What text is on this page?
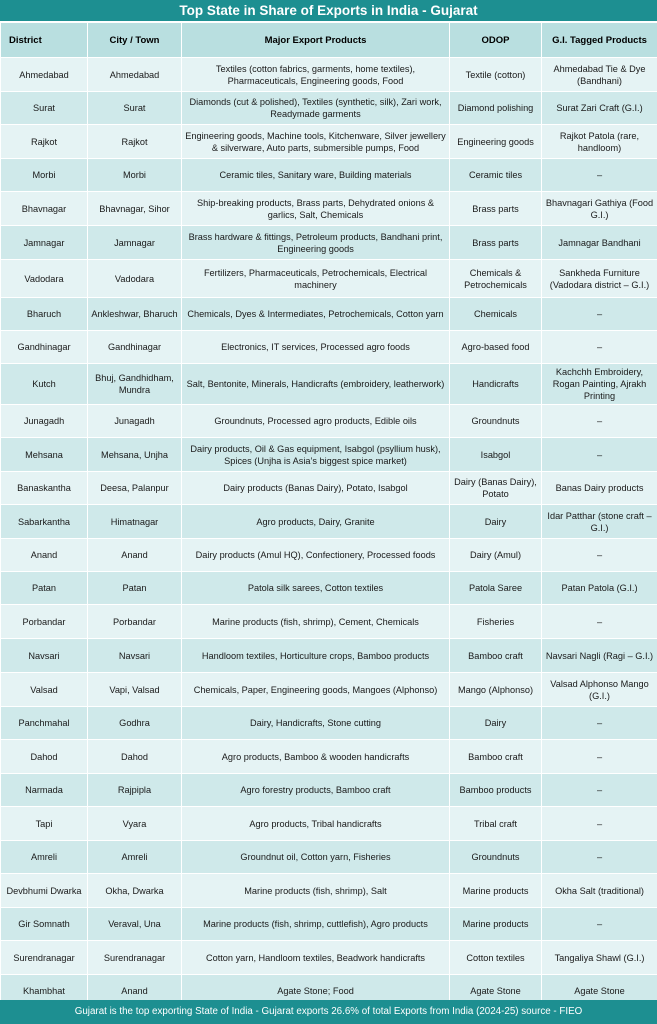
Top State in Share of Exports in India - Gujarat
District	City / Town	Major Export Products	ODOP	G.I. Tagged Products
Ahmedabad	Ahmedabad	Textiles (cotton fabrics, garments, home textiles), Pharmaceuticals, Engineering goods, Food	Textile (cotton)	Ahmedabad Tie & Dye (Bandhani)
Surat	Surat	Diamonds (cut & polished), Textiles (synthetic, silk), Zari work, Readymade garments	Diamond polishing	Surat Zari Craft (G.I.)
Rajkot	Rajkot	Engineering goods, Machine tools, Kitchenware, Silver jewellery & silverware, Auto parts, submersible pumps, Food	Engineering goods	Rajkot Patola (rare, handloom)
Morbi	Morbi	Ceramic tiles, Sanitary ware, Building materials	Ceramic tiles	–
Bhavnagar	Bhavnagar, Sihor	Ship-breaking products, Brass parts, Dehydrated onions & garlics, Salt, Chemicals	Brass parts	Bhavnagari Gathiya (Food G.I.)
Jamnagar	Jamnagar	Brass hardware & fittings, Petroleum products, Bandhani print, Engineering goods	Brass parts	Jamnagar Bandhani
Vadodara	Vadodara	Fertilizers, Pharmaceuticals, Petrochemicals, Electrical machinery	Chemicals & Petrochemicals	Sankheda Furniture (Vadodara district – G.I.)
Bharuch	Ankleshwar, Bharuch	Chemicals, Dyes & Intermediates, Petrochemicals, Cotton yarn	Chemicals	–
Gandhinagar	Gandhinagar	Electronics, IT services, Processed agro foods	Agro-based food	–
Kutch	Bhuj, Gandhidham, Mundra	Salt, Bentonite, Minerals, Handicrafts (embroidery, leatherwork)	Handicrafts	Kachchh Embroidery, Rogan Painting, Ajrakh Printing
Junagadh	Junagadh	Groundnuts, Processed agro products, Edible oils	Groundnuts	–
Mehsana	Mehsana, Unjha	Dairy products, Oil & Gas equipment, Isabgol (psyllium husk), Spices (Unjha is Asia’s biggest spice market)	Isabgol	–
Banaskantha	Deesa, Palanpur	Dairy products (Banas Dairy), Potato, Isabgol	Dairy (Banas Dairy), Potato	Banas Dairy products
Sabarkantha	Himatnagar	Agro products, Dairy, Granite	Dairy	Idar Patthar (stone craft – G.I.)
Anand	Anand	Dairy products (Amul HQ), Confectionery, Processed foods	Dairy (Amul)	–
Patan	Patan	Patola silk sarees, Cotton textiles	Patola Saree	Patan Patola (G.I.)
Porbandar	Porbandar	Marine products (fish, shrimp), Cement, Chemicals	Fisheries	–
Navsari	Navsari	Handloom textiles, Horticulture crops, Bamboo products	Bamboo craft	Navsari Nagli (Ragi – G.I.)
Valsad	Vapi, Valsad	Chemicals, Paper, Engineering goods, Mangoes (Alphonso)	Mango (Alphonso)	Valsad Alphonso Mango (G.I.)
Panchmahal	Godhra	Dairy, Handicrafts, Stone cutting	Dairy	–
Dahod	Dahod	Agro products, Bamboo & wooden handicrafts	Bamboo craft	–
Narmada	Rajpipla	Agro forestry products, Bamboo craft	Bamboo products	–
Tapi	Vyara	Agro products, Tribal handicrafts	Tribal craft	–
Amreli	Amreli	Groundnut oil, Cotton yarn, Fisheries	Groundnuts	–
Devbhumi Dwarka	Okha, Dwarka	Marine products (fish, shrimp), Salt	Marine products	Okha Salt (traditional)
Gir Somnath	Veraval, Una	Marine products (fish, shrimp, cuttlefish), Agro products	Marine products	–
Surendranagar	Surendranagar	Cotton yarn, Handloom textiles, Beadwork handicrafts	Cotton textiles	Tangaliya Shawl (G.I.)
Khambhat	Anand	Agate Stone; Food	Agate Stone	Agate Stone
Gujarat is the top exporting State of India - Gujarat exports 26.6% of total Exports from India (2024-25) source - FIEO
